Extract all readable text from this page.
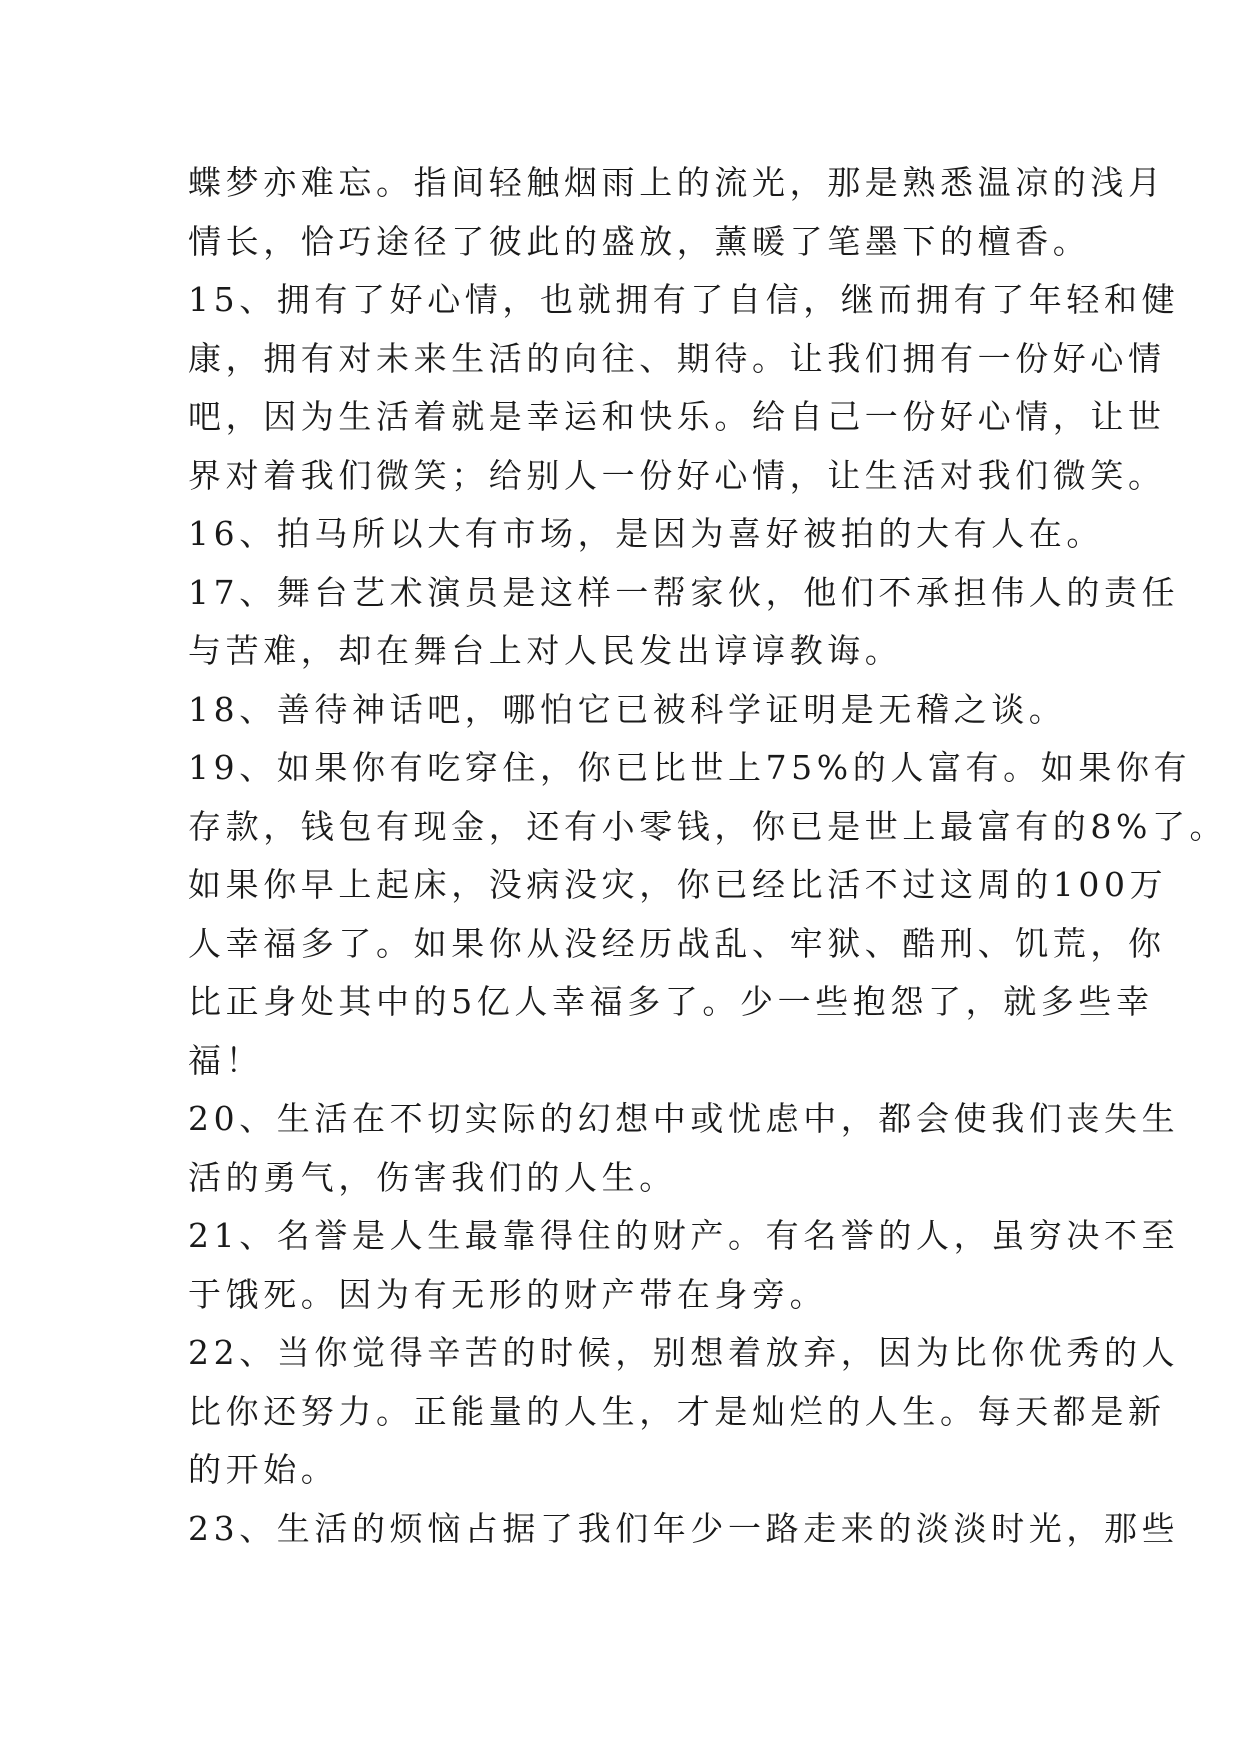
蝶梦亦难忘。指间轻触烟雨上的流光，那是熟悉温凉的浅月
情长，恰巧途径了彼此的盛放，薰暖了笔墨下的檀香。
15、拥有了好心情，也就拥有了自信，继而拥有了年轻和健
康，拥有对未来生活的向往、期待。让我们拥有一份好心情
吧，因为生活着就是幸运和快乐。给自己一份好心情，让世
界对着我们微笑；给别人一份好心情，让生活对我们微笑。
16、拍马所以大有市场，是因为喜好被拍的大有人在。
17、舞台艺术演员是这样一帮家伙，他们不承担伟人的责任
与苦难，却在舞台上对人民发出谆谆教诲。
18、善待神话吧，哪怕它已被科学证明是无稽之谈。
19、如果你有吃穿住，你已比世上75%的人富有。如果你有
存款，钱包有现金，还有小零钱，你已是世上最富有的8%了。
如果你早上起床，没病没灾，你已经比活不过这周的100万
人幸福多了。如果你从没经历战乱、牢狱、酷刑、饥荒，你
比正身处其中的5亿人幸福多了。少一些抱怨了，就多些幸
福！
20、生活在不切实际的幻想中或忧虑中，都会使我们丧失生
活的勇气，伤害我们的人生。
21、名誉是人生最靠得住的财产。有名誉的人，虽穷决不至
于饿死。因为有无形的财产带在身旁。
22、当你觉得辛苦的时候，别想着放弃，因为比你优秀的人
比你还努力。正能量的人生，才是灿烂的人生。每天都是新
的开始。
23、生活的烦恼占据了我们年少一路走来的淡淡时光，那些
